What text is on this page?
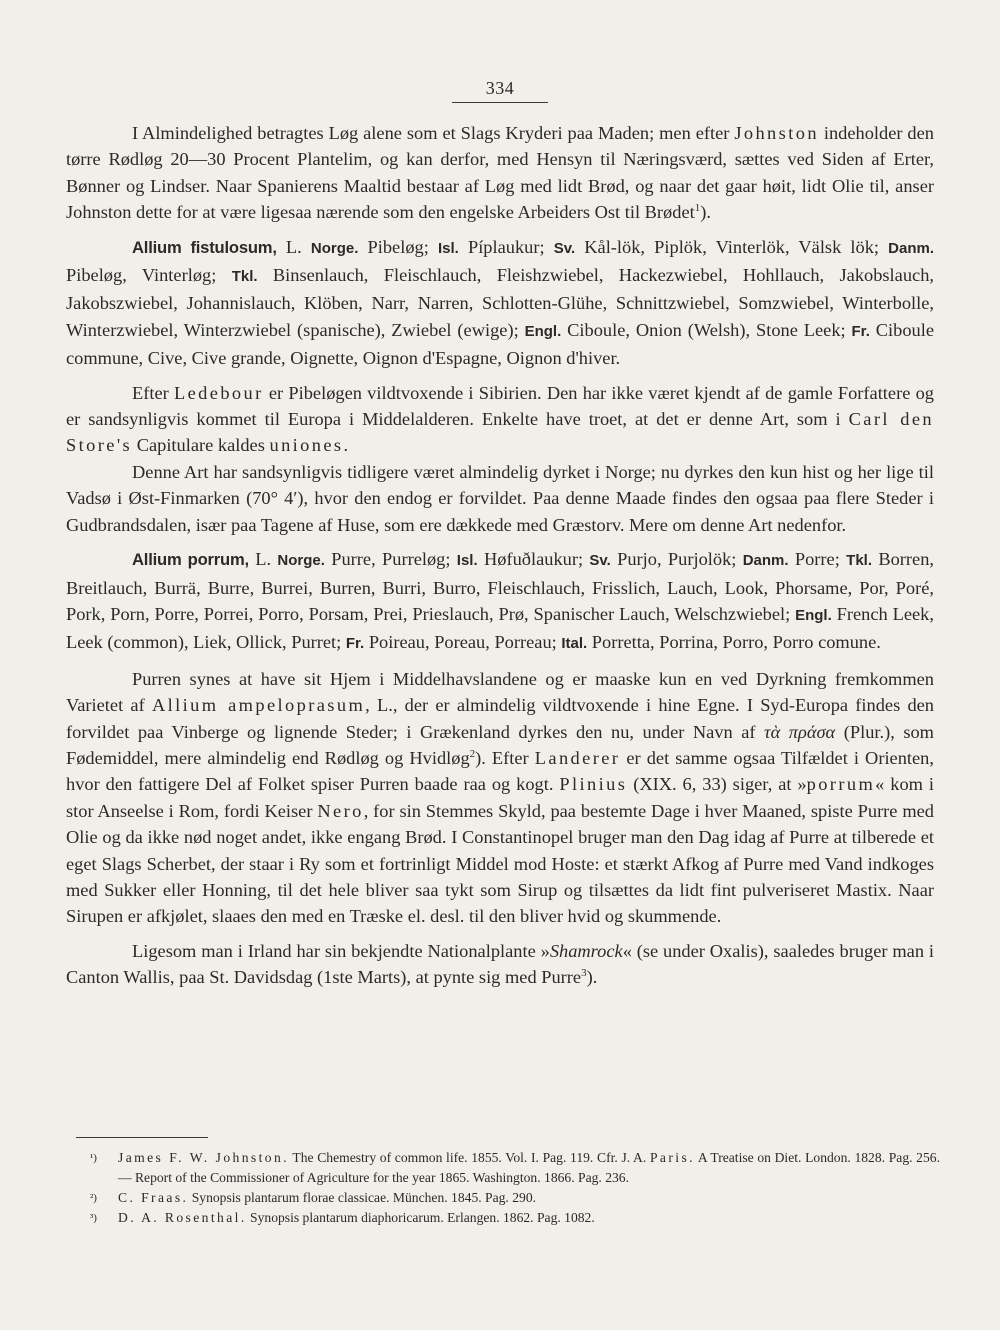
334

I Almindelighed betragtes Løg alene som et Slags Kryderi paa Maden; men efter Johnston indeholder den tørre Rødløg 20—30 Procent Plantelim, og kan derfor, med Hensyn til Næringsværd, sættes ved Siden af Erter, Bønner og Lindser. Naar Spanierens Maaltid bestaar af Løg med lidt Brød, og naar det gaar høit, lidt Olie til, anser Johnston dette for at være ligesaa nærende som den engelske Arbeiders Ost til Brødet$^1$).

Allium fistulosum, L. Norge. Pibeløg; Isl. Píplaukur; Sv. Kål-lök, Piplök, Vinterlök, Välsk lök; Danm. Pibeløg, Vinterløg; Tkl. Binsenlauch, Fleischlauch, Fleishzwiebel, Hackezwiebel, Hohllauch, Jakobslauch, Jakobszwiebel, Johannislauch, Klöben, Narr, Narren, Schlotten-Glühe, Schnittzwiebel, Somzwiebel, Winterbolle, Winterzwiebel, Winterzwiebel (spanische), Zwiebel (ewige); Engl. Ciboule, Onion (Welsh), Stone Leek; Fr. Ciboule commune, Cive, Cive grande, Oignette, Oignon d'Espagne, Oignon d'hiver.

Efter Ledebour er Pibeløgen vildtvoxende i Sibirien. Den har ikke været kjendt af de gamle Forfattere og er sandsynligvis kommet til Europa i Middelalderen. Enkelte have troet, at det er denne Art, som i Carl den Store's Capitulare kaldes uniones.

Denne Art har sandsynligvis tidligere været almindelig dyrket i Norge; nu dyrkes den kun hist og her lige til Vadsø i Øst-Finmarken (70° 4′), hvor den endog er forvildet. Paa denne Maade findes den ogsaa paa flere Steder i Gudbrandsdalen, især paa Tagene af Huse, som ere dækkede med Græstorv. Mere om denne Art nedenfor.

Allium porrum, L. Norge. Purre, Purreløg; Isl. Høfuðlaukur; Sv. Purjo, Purjolök; Danm. Porre; Tkl. Borren, Breitlauch, Burrä, Burre, Burrei, Burren, Burri, Burro, Fleischlauch, Frisslich, Lauch, Look, Phorsame, Por, Poré, Pork, Porn, Porre, Porrei, Porro, Porsam, Prei, Prieslauch, Prø, Spanischer Lauch, Welschzwiebel; Engl. French Leek, Leek (common), Liek, Ollick, Purret; Fr. Poireau, Poreau, Porreau; Ital. Porretta, Porrina, Porro, Porro comune.

Purren synes at have sit Hjem i Middelhavslandene og er maaske kun en ved Dyrkning fremkommen Varietet af Allium ampeloprasum, L., der er almindelig vildtvoxende i hine Egne. I Syd-Europa findes den forvildet paa Vinberge og lignende Steder; i Grækenland dyrkes den nu, under Navn af τὰ πράσα (Plur.), som Fødemiddel, mere almindelig end Rødløg og Hvidløg$^2$). Efter Landerer er det samme ogsaa Tilfældet i Orienten, hvor den fattigere Del af Folket spiser Purren baade raa og kogt. Plinius (XIX. 6, 33) siger, at »porrum« kom i stor Anseelse i Rom, fordi Keiser Nero, for sin Stemmes Skyld, paa bestemte Dage i hver Maaned, spiste Purre med Olie og da ikke nød noget andet, ikke engang Brød. I Constantinopel bruger man den Dag idag af Purre at tilberede et eget Slags Scherbet, der staar i Ry som et fortrinligt Middel mod Hoste: et stærkt Afkog af Purre med Vand indkoges med Sukker eller Honning, til det hele bliver saa tykt som Sirup og tilsættes da lidt fint pulveriseret Mastix. Naar Sirupen er afkjølet, slaaes den med en Træske el. desl. til den bliver hvid og skummende.

Ligesom man i Irland har sin bekjendte Nationalplante »Shamrock« (se under Oxalis), saaledes bruger man i Canton Wallis, paa St. Davidsdag (1ste Marts), at pynte sig med Purre$^3$).

¹) James F. W. Johnston. The Chemestry of common life. 1855. Vol. I. Pag. 119. Cfr. J. A. Paris. A Treatise on Diet. London. 1828. Pag. 256. — Report of the Commissioner of Agriculture for the year 1865. Washington. 1866. Pag. 236.

²) C. Fraas. Synopsis plantarum florae classicae. München. 1845. Pag. 290.

³) D. A. Rosenthal. Synopsis plantarum diaphoricarum. Erlangen. 1862. Pag. 1082.
